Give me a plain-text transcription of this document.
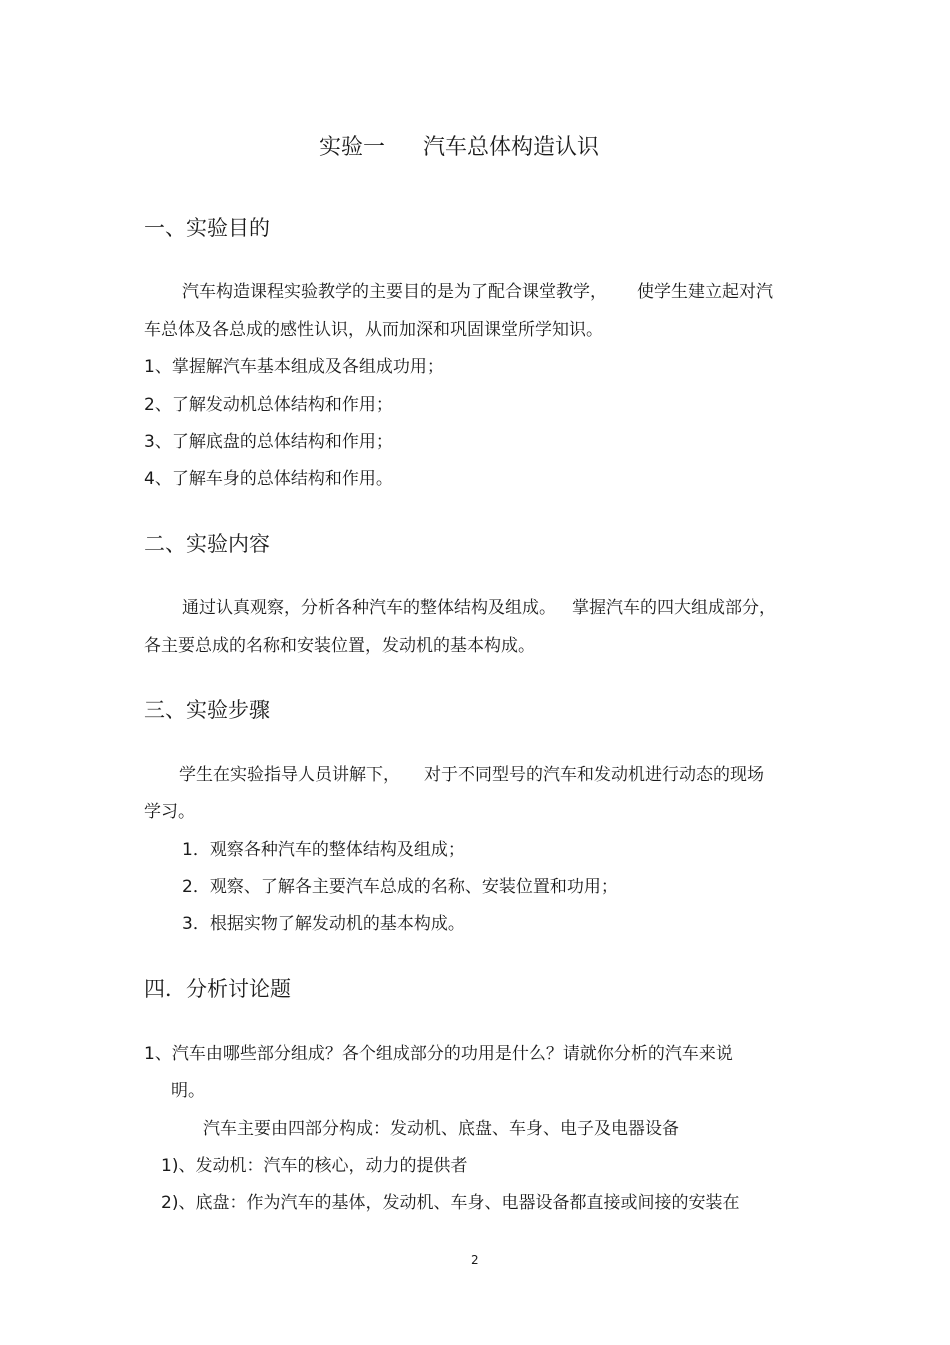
实验一 汽车总体构造认识
一、实验目的
汽车构造课程实验教学的主要目的是为了配合课堂教学， 使学生建立起对汽
车总体及各总成的感性认识，从而加深和巩固课堂所学知识。
1、掌握解汽车基本组成及各组成功用；
2、了解发动机总体结构和作用；
3、了解底盘的总体结构和作用；
4、了解车身的总体结构和作用。
二、实验内容
通过认真观察，分析各种汽车的整体结构及组成。 掌握汽车的四大组成部分，
各主要总成的名称和安装位置，发动机的基本构成。
三、实验步骤
学生在实验指导人员讲解下， 对于不同型号的汽车和发动机进行动态的现场
学习。
1．观察各种汽车的整体结构及组成；
2．观察、了解各主要汽车总成的名称、安装位置和功用；
3．根据实物了解发动机的基本构成。
四．分析讨论题
1、汽车由哪些部分组成？各个组成部分的功用是什么？请就你分析的汽车来说
明。
汽车主要由四部分构成：发动机、底盘、车身、电子及电器设备
1)、发动机：汽车的核心，动力的提供者
2)、底盘：作为汽车的基体，发动机、车身、电器设备都直接或间接的安装在
2
